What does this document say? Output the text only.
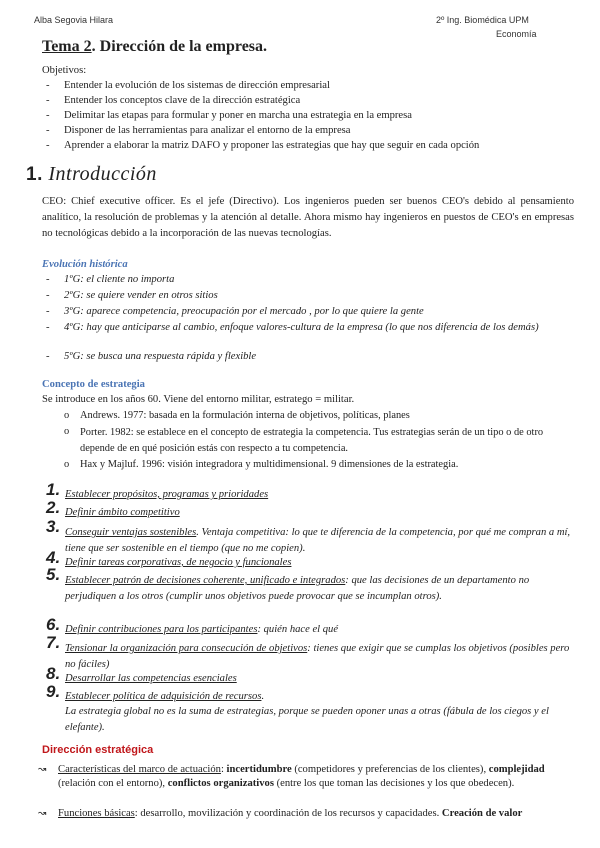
Alba Segovia Hilara	2º Ing. Biomédica UPM
Economía
Tema 2. Dirección de la empresa.
Objetivos:
- Entender la evolución de los sistemas de dirección empresarial
- Entender los conceptos clave de la dirección estratégica
- Delimitar las etapas para formular y poner en marcha una estrategia en la empresa
- Disponer de las herramientas para analizar el entorno de la empresa
- Aprender a elaborar la matriz DAFO y proponer las estrategias que hay que seguir en cada opción
1. Introducción
CEO: Chief executive officer. Es el jefe (Directivo). Los ingenieros pueden ser buenos CEO's debido al pensamiento analítico, la resolución de problemas y la atención al detalle. Ahora mismo hay ingenieros en puestos de CEO's en empresas no tecnológicas debido a la incorporación de las nuevas tecnologías.
Evolución histórica
- 1ºG: el cliente no importa
- 2ºG: se quiere vender en otros sitios
- 3ºG: aparece competencia, preocupación por el mercado , por lo que quiere la gente
- 4ºG: hay que anticiparse al cambio, enfoque valores-cultura de la empresa (lo que nos diferencia de los demás)
- 5ºG: se busca una respuesta rápida y flexible
Concepto de estrategia
Se introduce en los años 60. Viene del entorno militar, estratego = militar.
o Andrews. 1977: basada en la formulación interna de objetivos, políticas, planes
o Porter. 1982: se establece en el concepto de estrategia la competencia. Tus estrategias serán de un tipo o de otro depende de en qué posición estás con respecto a tu competencia.
o Hax y Majluf. 1996: visión integradora y multidimensional. 9 dimensiones de la estrategia.
1. Establecer propósitos, programas y prioridades
2. Definir ámbito competitivo
3. Conseguir ventajas sostenibles. Ventaja competitiva: lo que te diferencia de la competencia, por qué me compran a mí, tiene que ser sostenible en el tiempo (que no me copien).
4. Definir tareas corporativas, de negocio y funcionales
5. Establecer patrón de decisiones coherente, unificado e integrados: que las decisiones de un departamento no perjudiquen a los otros (cumplir unos objetivos puede provocar que se incumplan otros).
6. Definir contribuciones para los participantes: quién hace el qué
7. Tensionar la organización para consecución de objetivos: tienes que exigir que se cumplas los objetivos (posibles pero no fáciles)
8. Desarrollar las competencias esenciales
9. Establecer política de adquisición de recursos.
La estrategia global no es la suma de estrategias, porque se pueden oponer unas a otras (fábula de los ciegos y el elefante).
Dirección estratégica
↝ Características del marco de actuación: incertidumbre (competidores y preferencias de los clientes), complejidad (relación con el entorno), conflictos organizativos (entre los que toman las decisiones y los que obedecen).
↝ Funciones básicas: desarrollo, movilización y coordinación de los recursos y capacidades. Creación de valor
